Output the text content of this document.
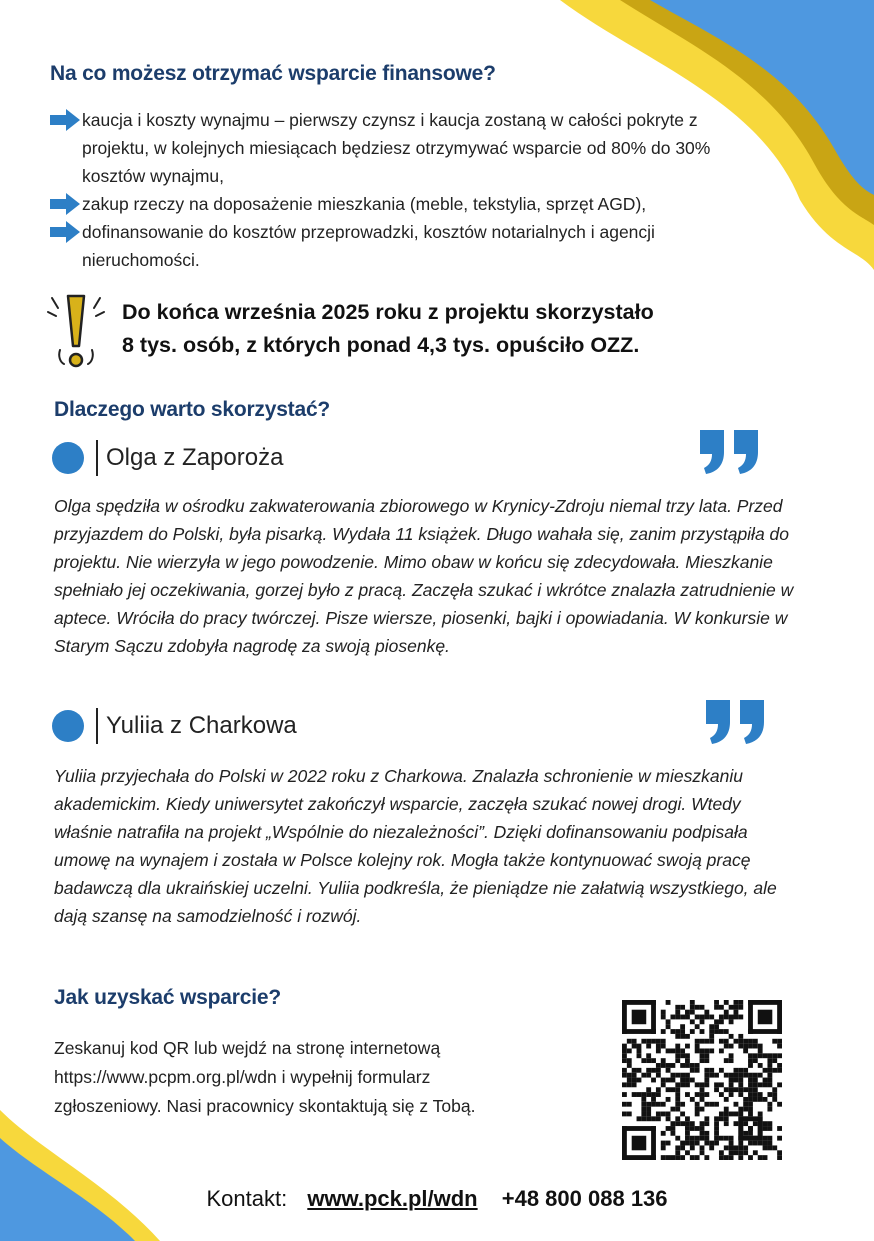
Na co możesz otrzymać wsparcie finansowe?
kaucja i koszty wynajmu – pierwszy czynsz i kaucja zostaną w całości pokryte z projektu, w kolejnych miesiącach będziesz otrzymywać wsparcie od 80% do 30% kosztów wynajmu,
zakup rzeczy na doposażenie mieszkania (meble, tekstylia, sprzęt AGD),
dofinansowanie do kosztów przeprowadzki, kosztów notarialnych i agencji nieruchomości.

Do końca września 2025 roku z projektu skorzystało
8 tys. osób, z których ponad 4,3 tys. opuściło OZZ.

Dlaczego warto skorzystać?
Olga z Zaporoża

Olga spędziła w ośrodku zakwaterowania zbiorowego w Krynicy-Zdroju niemal trzy lata. Przed przyjazdem do Polski, była pisarką. Wydała 11 książek. Długo wahała się, zanim przystąpiła do projektu. Nie wierzyła w jego powodzenie. Mimo obaw w końcu się zdecydowała. Mieszkanie spełniało jej oczekiwania, gorzej było z pracą. Zaczęła szukać i wkrótce znalazła zatrudnienie w aptece. Wróciła do pracy twórczej. Pisze wiersze, piosenki, bajki i opowiadania. W konkursie w Starym Sączu zdobyła nagrodę za swoją piosenkę.

Yuliia z Charkowa

Yuliia przyjechała do Polski w 2022 roku z Charkowa. Znalazła schronienie w mieszkaniu akademickim. Kiedy uniwersytet zakończył wsparcie, zaczęła szukać nowej drogi. Wtedy właśnie natrafiła na projekt „Wspólnie do niezależności”. Dzięki dofinansowaniu podpisała umowę na wynajem i została w Polsce kolejny rok. Mogła także kontynuować swoją pracę badawczą dla ukraińskiej uczelni. Yuliia podkreśla, że pieniądze nie załatwią wszystkiego, ale dają szansę na samodzielność i rozwój.

Jak uzyskać wsparcie?

Zeskanuj kod QR lub wejdź na stronę internetową
https://www.pcpm.org.pl/wdn i wypełnij formularz
zgłoszeniowy. Nasi pracownicy skontaktują się z Tobą.

Kontakt: www.pck.pl/wdn +48 800 088 136
